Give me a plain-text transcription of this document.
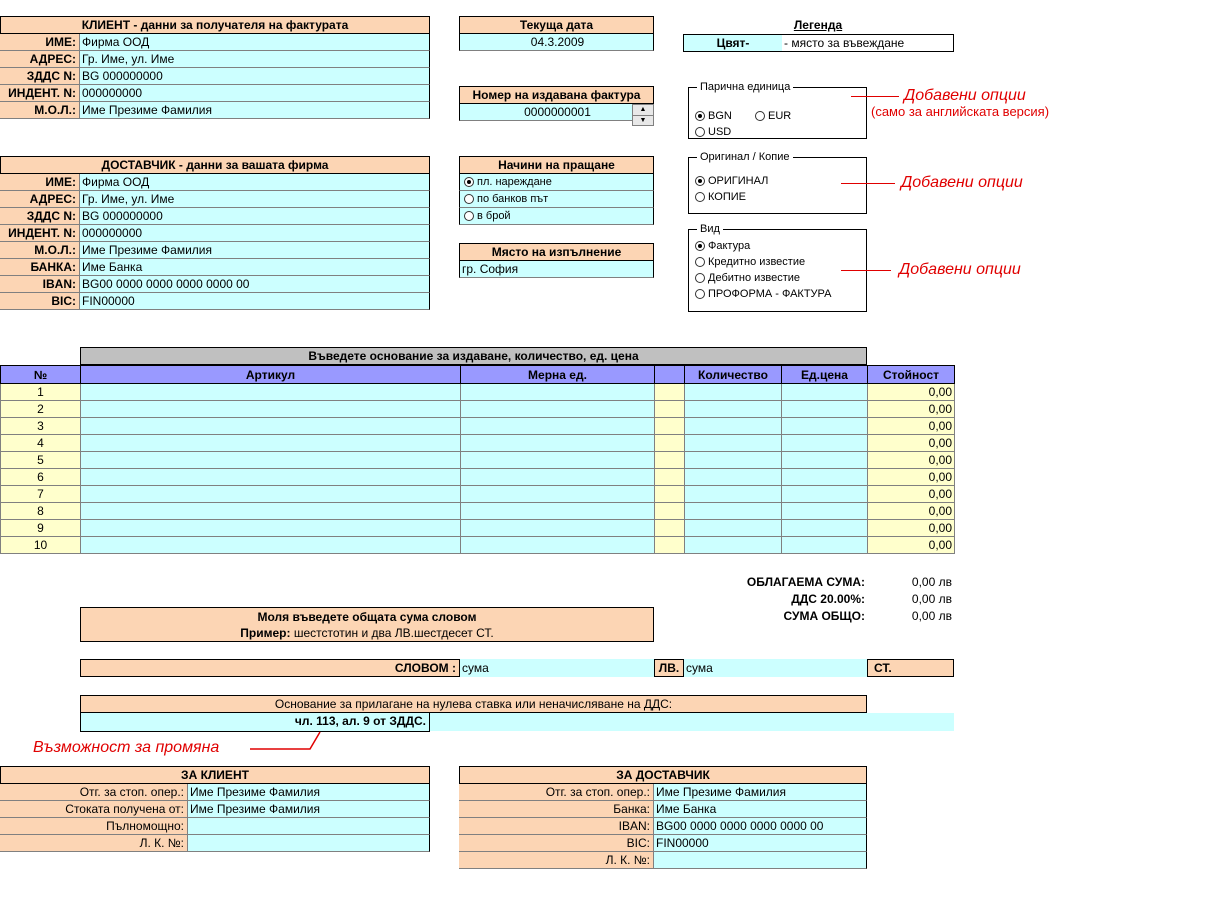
КЛИЕНТ - данни за получателя на фактурата
ИМЕ: Фирма ООД
АДРЕС: Гр. Име, ул. Име
ЗДДС N: BG 000000000
ИНДЕНТ. N: 000000000
М.О.Л.: Име Презиме Фамилия
ДОСТАВЧИК - данни за вашата фирма
ИМЕ: Фирма ООД
АДРЕС: Гр. Име, ул. Име
ЗДДС N: BG 000000000
ИНДЕНТ. N: 000000000
М.О.Л.: Име Презиме Фамилия
БАНКА: Име Банка
IBAN: BG00 0000 0000 0000 0000 00
BIC: FIN00000
Текуща дата
04.3.2009
Номер на издавана фактура
0000000001	▲
▼
Начини на пращане
пл. нареждане
по банков път
в брой
Място на изпълнение
гр. София
Легенда
Цвят-	- място за въвеждане
Парична единица
BGN	EURUSD
Оригинал / Копие
ОРИГИНАЛ
КОПИЕ
Вид
Фактура
Кредитно известие
Дебитно известие
ПРОФОРМА - ФАКТУРА
Добавени опции
(само за английската версия)
Добавени опции
Добавени опции
Въведете основание за издаване, количество, ед. цена
№	Артикул	Мерна ед.		Количество	Ед.цена	Стойност
1						0,00
2						0,00
3						0,00
4						0,00
5						0,00
6						0,00
7						0,00
8						0,00
9						0,00
10						0,00
ОБЛАГАЕМА СУМА:	0,00 лв
ДДС 20.00%:	0,00 лв
СУМА ОБЩО:	0,00 лв
Моля въведете общата сума словом
Пример: шестстотин и два ЛВ.шестдесет СТ.
СЛОВОМ : сума	ЛВ. сума	СТ.
Основание за прилагане на нулева ставка или неначисляване на ДДС:
чл. 113, ал. 9 от ЗДДС.
Възможност за промяна
ЗА КЛИЕНТ
Отг. за стоп. опер.: Име Презиме Фамилия
Стоката получена от: Име Презиме Фамилия
Пълномощно:
Л. К. №:
ЗА ДОСТАВЧИК
Отг. за стоп. опер.: Име Презиме Фамилия
Банка: Име Банка
IBAN: BG00 0000 0000 0000 0000 00
BIC: FIN00000
Л. К. №:
